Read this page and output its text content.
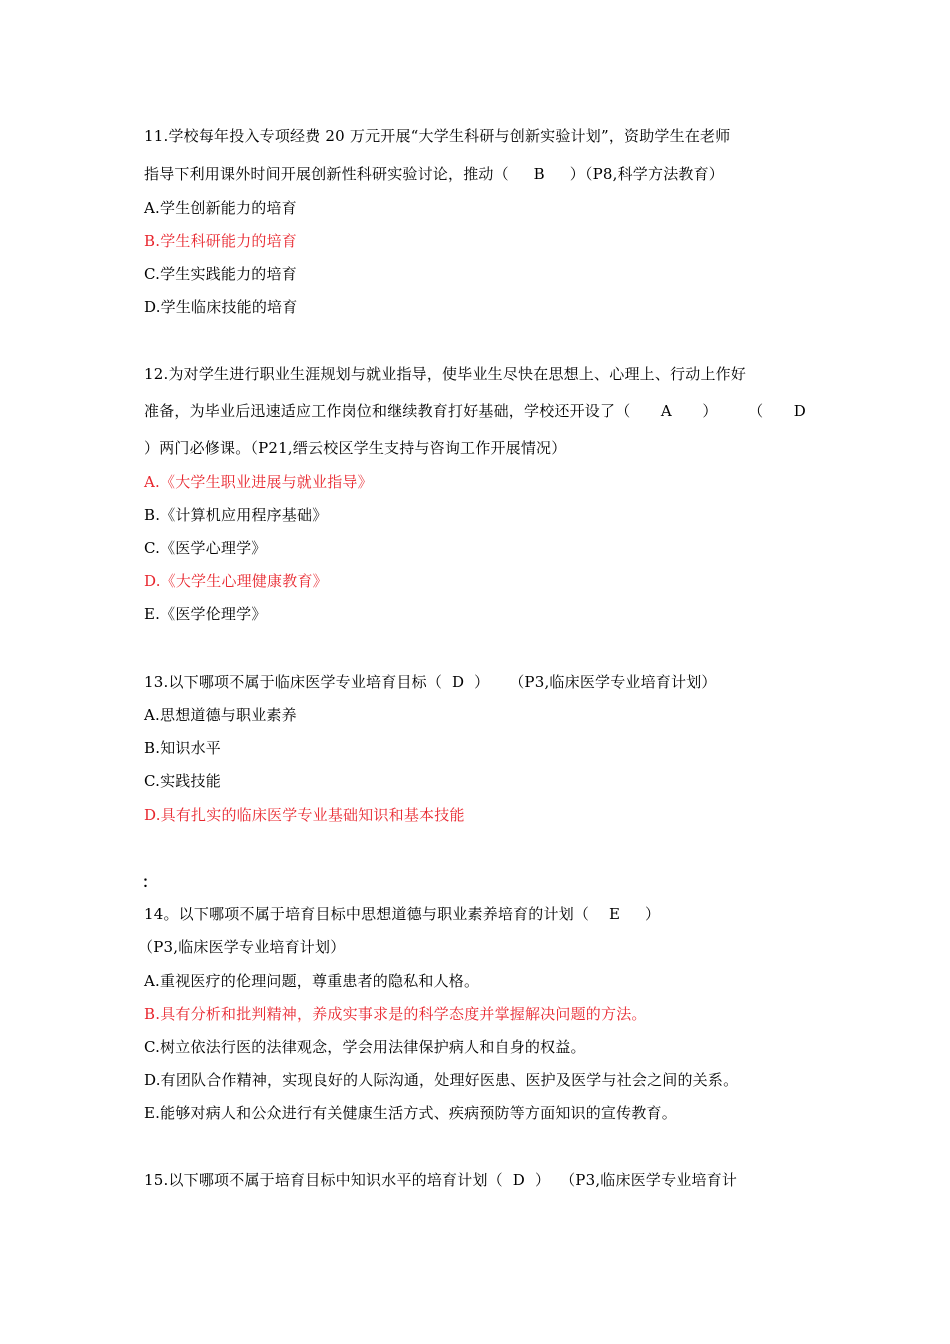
11.学校每年投入专项经费 20 万元开展“大学生科研与创新实验计划”，资助学生在老师
指导下利用课外时间开展创新性科研实验讨论，推动（     B     ）（P8,科学方法教育）
A.学生创新能力的培育
B.学生科研能力的培育
C.学生实践能力的培育
D.学生临床技能的培育
12.为对学生进行职业生涯规划与就业指导，使毕业生尽快在思想上、心理上、行动上作好
准备，为毕业后迅速适应工作岗位和继续教育打好基础，学校还开设了（ A ） （ D
）两门必修课。（P21,缙云校区学生支持与咨询工作开展情况）
A.《大学生职业进展与就业指导》
B.《计算机应用程序基础》
C.《医学心理学》
D.《大学生心理健康教育》
E.《医学伦理学》
13.以下哪项不属于临床医学专业培育目标（  D  ）    （P3,临床医学专业培育计划）
A.思想道德与职业素养
B.知识水平
C.实践技能
D.具有扎实的临床医学专业基础知识和基本技能
：
14。以下哪项不属于培育目标中思想道德与职业素养培育的计划（    E     ）
（P3,临床医学专业培育计划）
A.重视医疗的伦理问题，尊重患者的隐私和人格。
B.具有分析和批判精神，养成实事求是的科学态度并掌握解决问题的方法。
C.树立依法行医的法律观念，学会用法律保护病人和自身的权益。
D.有团队合作精神，实现良好的人际沟通，处理好医患、医护及医学与社会之间的关系。
E.能够对病人和公众进行有关健康生活方式、疾病预防等方面知识的宣传教育。
15.以下哪项不属于培育目标中知识水平的培育计划（  D  ）  （P3,临床医学专业培育计
